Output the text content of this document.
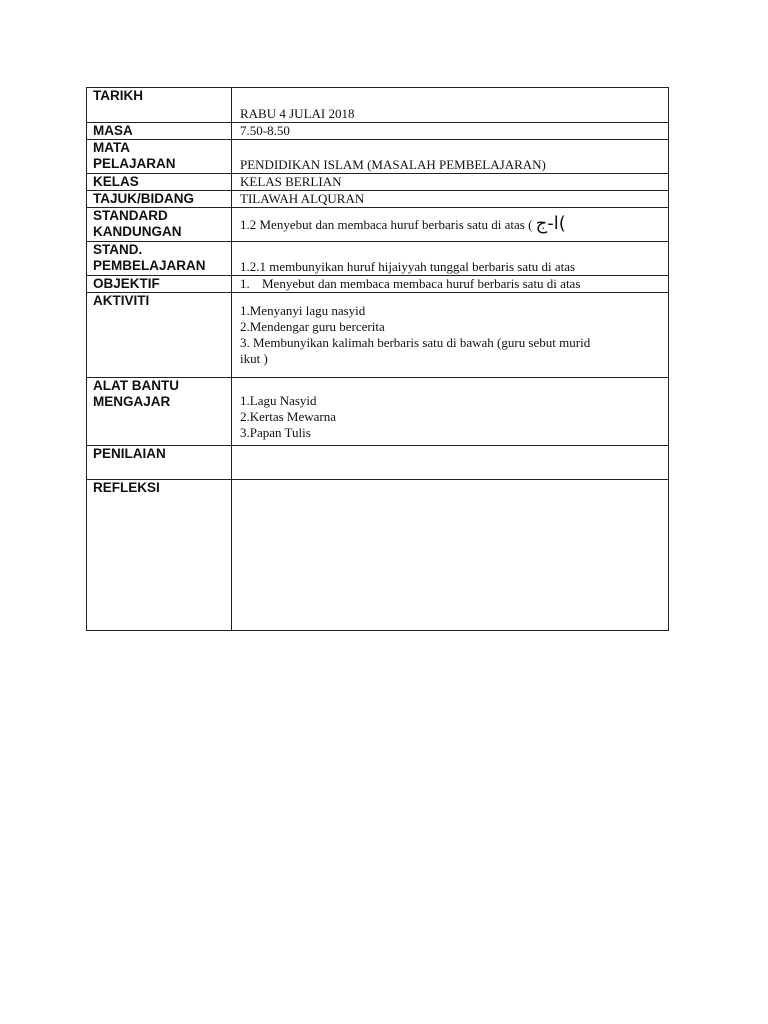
TARIKH	RABU 4 JULAI 2018
MASA	7.50-8.50

MATA
PELAJARAN	PENDIDIKAN ISLAM (MASALAH PEMBELAJARAN)
KELAS	KELAS BERLIAN
TAJUK/BIDANG	TILAWAH ALQURAN

STANDARD
KANDUNGAN	1.2 Menyebut dan membaca huruf berbaris satu di atas ( ا-ج)

STAND.
PEMBELAJARAN	1.2.1 membunyikan huruf hijaiyyah tunggal berbaris satu di atas
OBJEKTIF	1. Menyebut dan membaca membaca huruf berbaris satu di atas
AKTIVITI	1.Menyanyi lagu nasyid
2.Mendengar guru bercerita
3. Membunyikan kalimah berbaris satu di bawah (guru sebut murid
ikut )

ALAT BANTU
MENGAJAR	1.Lagu Nasyid
2.Kertas Mewarna
3.Papan Tulis

PENILAIAN	
REFLEKSI	
